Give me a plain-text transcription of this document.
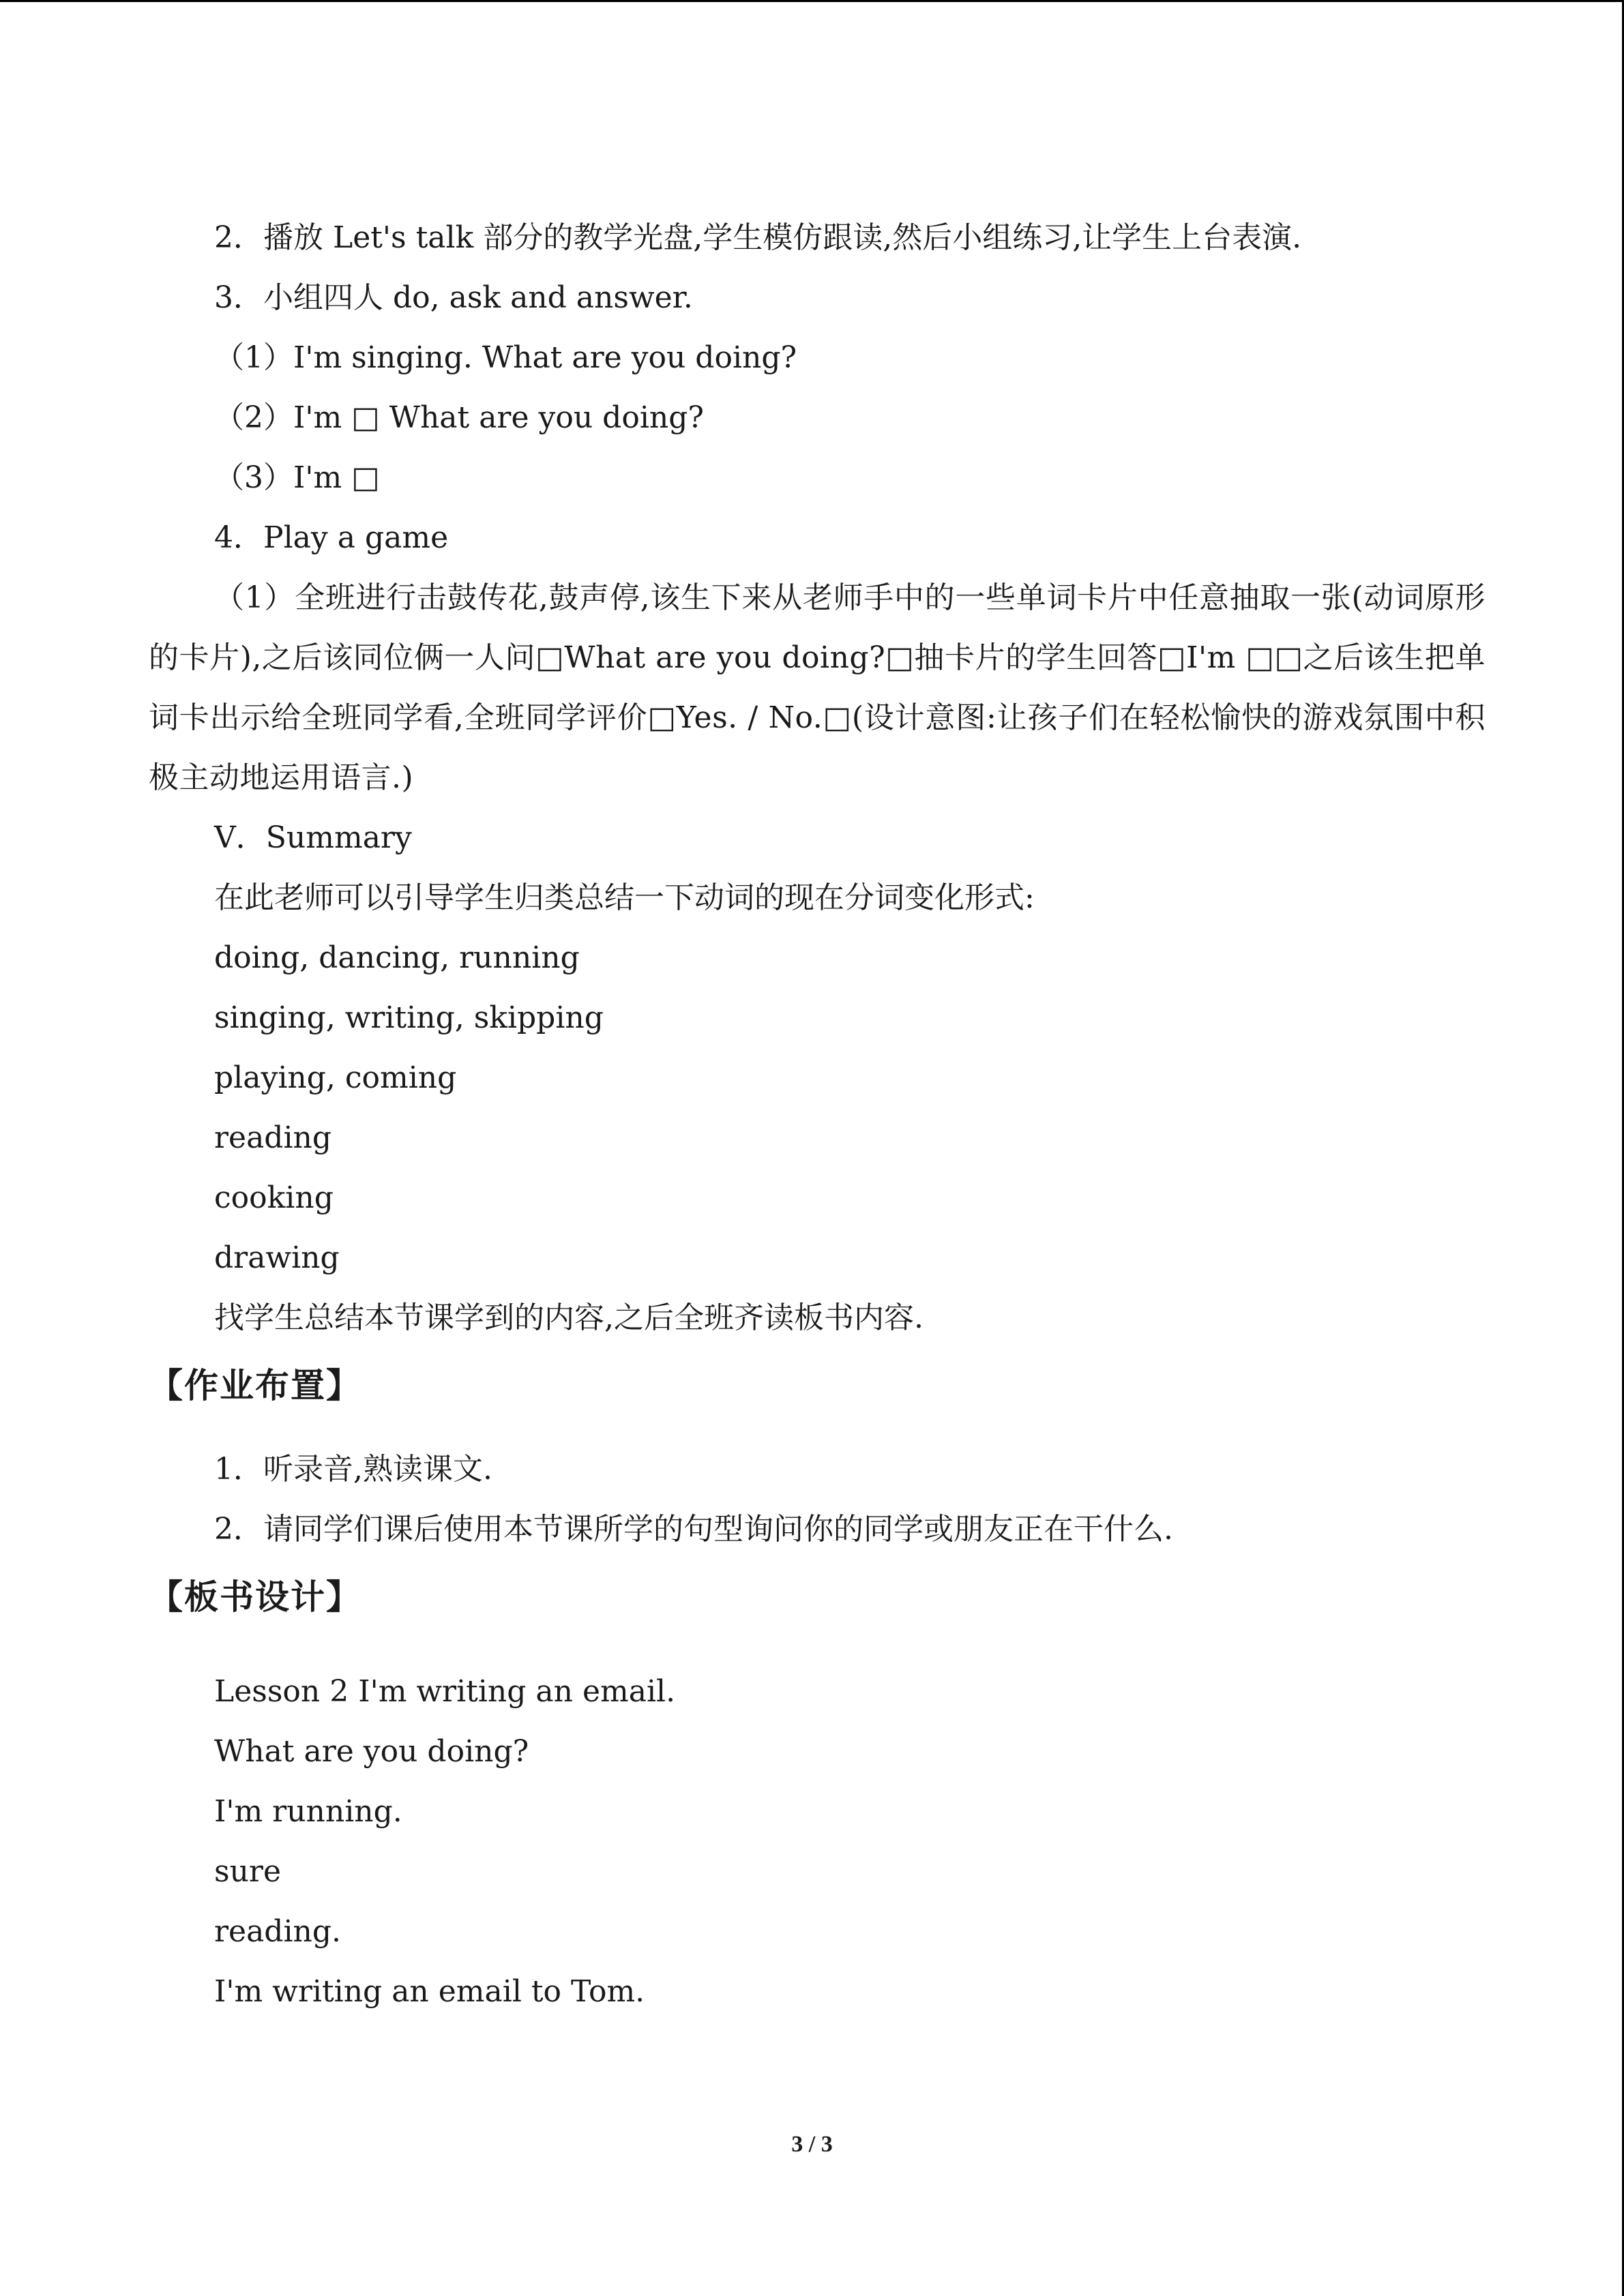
2．播放 Let's talk 部分的教学光盘,学生模仿跟读,然后小组练习,让学生上台表演.

3．小组四人 do, ask and answer.

（1）I'm singing. What are you doing?

（2）I'm □ What are you doing?

（3）I'm □

4．Play a game

（1）全班进行击鼓传花,鼓声停,该生下来从老师手中的一些单词卡片中任意抽取一张(动词原形的卡片),之后该同位俩一人问□What are you doing?□抽卡片的学生回答□I'm □□之后该生把单词卡出示给全班同学看,全班同学评价□Yes. / No.□(设计意图:让孩子们在轻松愉快的游戏氛围中积极主动地运用语言.)

Ⅴ．Summary

在此老师可以引导学生归类总结一下动词的现在分词变化形式:

doing, dancing, running

singing, writing, skipping

playing, coming

reading

cooking

drawing

找学生总结本节课学到的内容,之后全班齐读板书内容.

【作业布置】

1．听录音,熟读课文.

2．请同学们课后使用本节课所学的句型询问你的同学或朋友正在干什么.

【板书设计】

Lesson 2 I'm writing an email.

What are you doing?

I'm running.

sure

reading.

I'm writing an email to Tom.

3 / 3
